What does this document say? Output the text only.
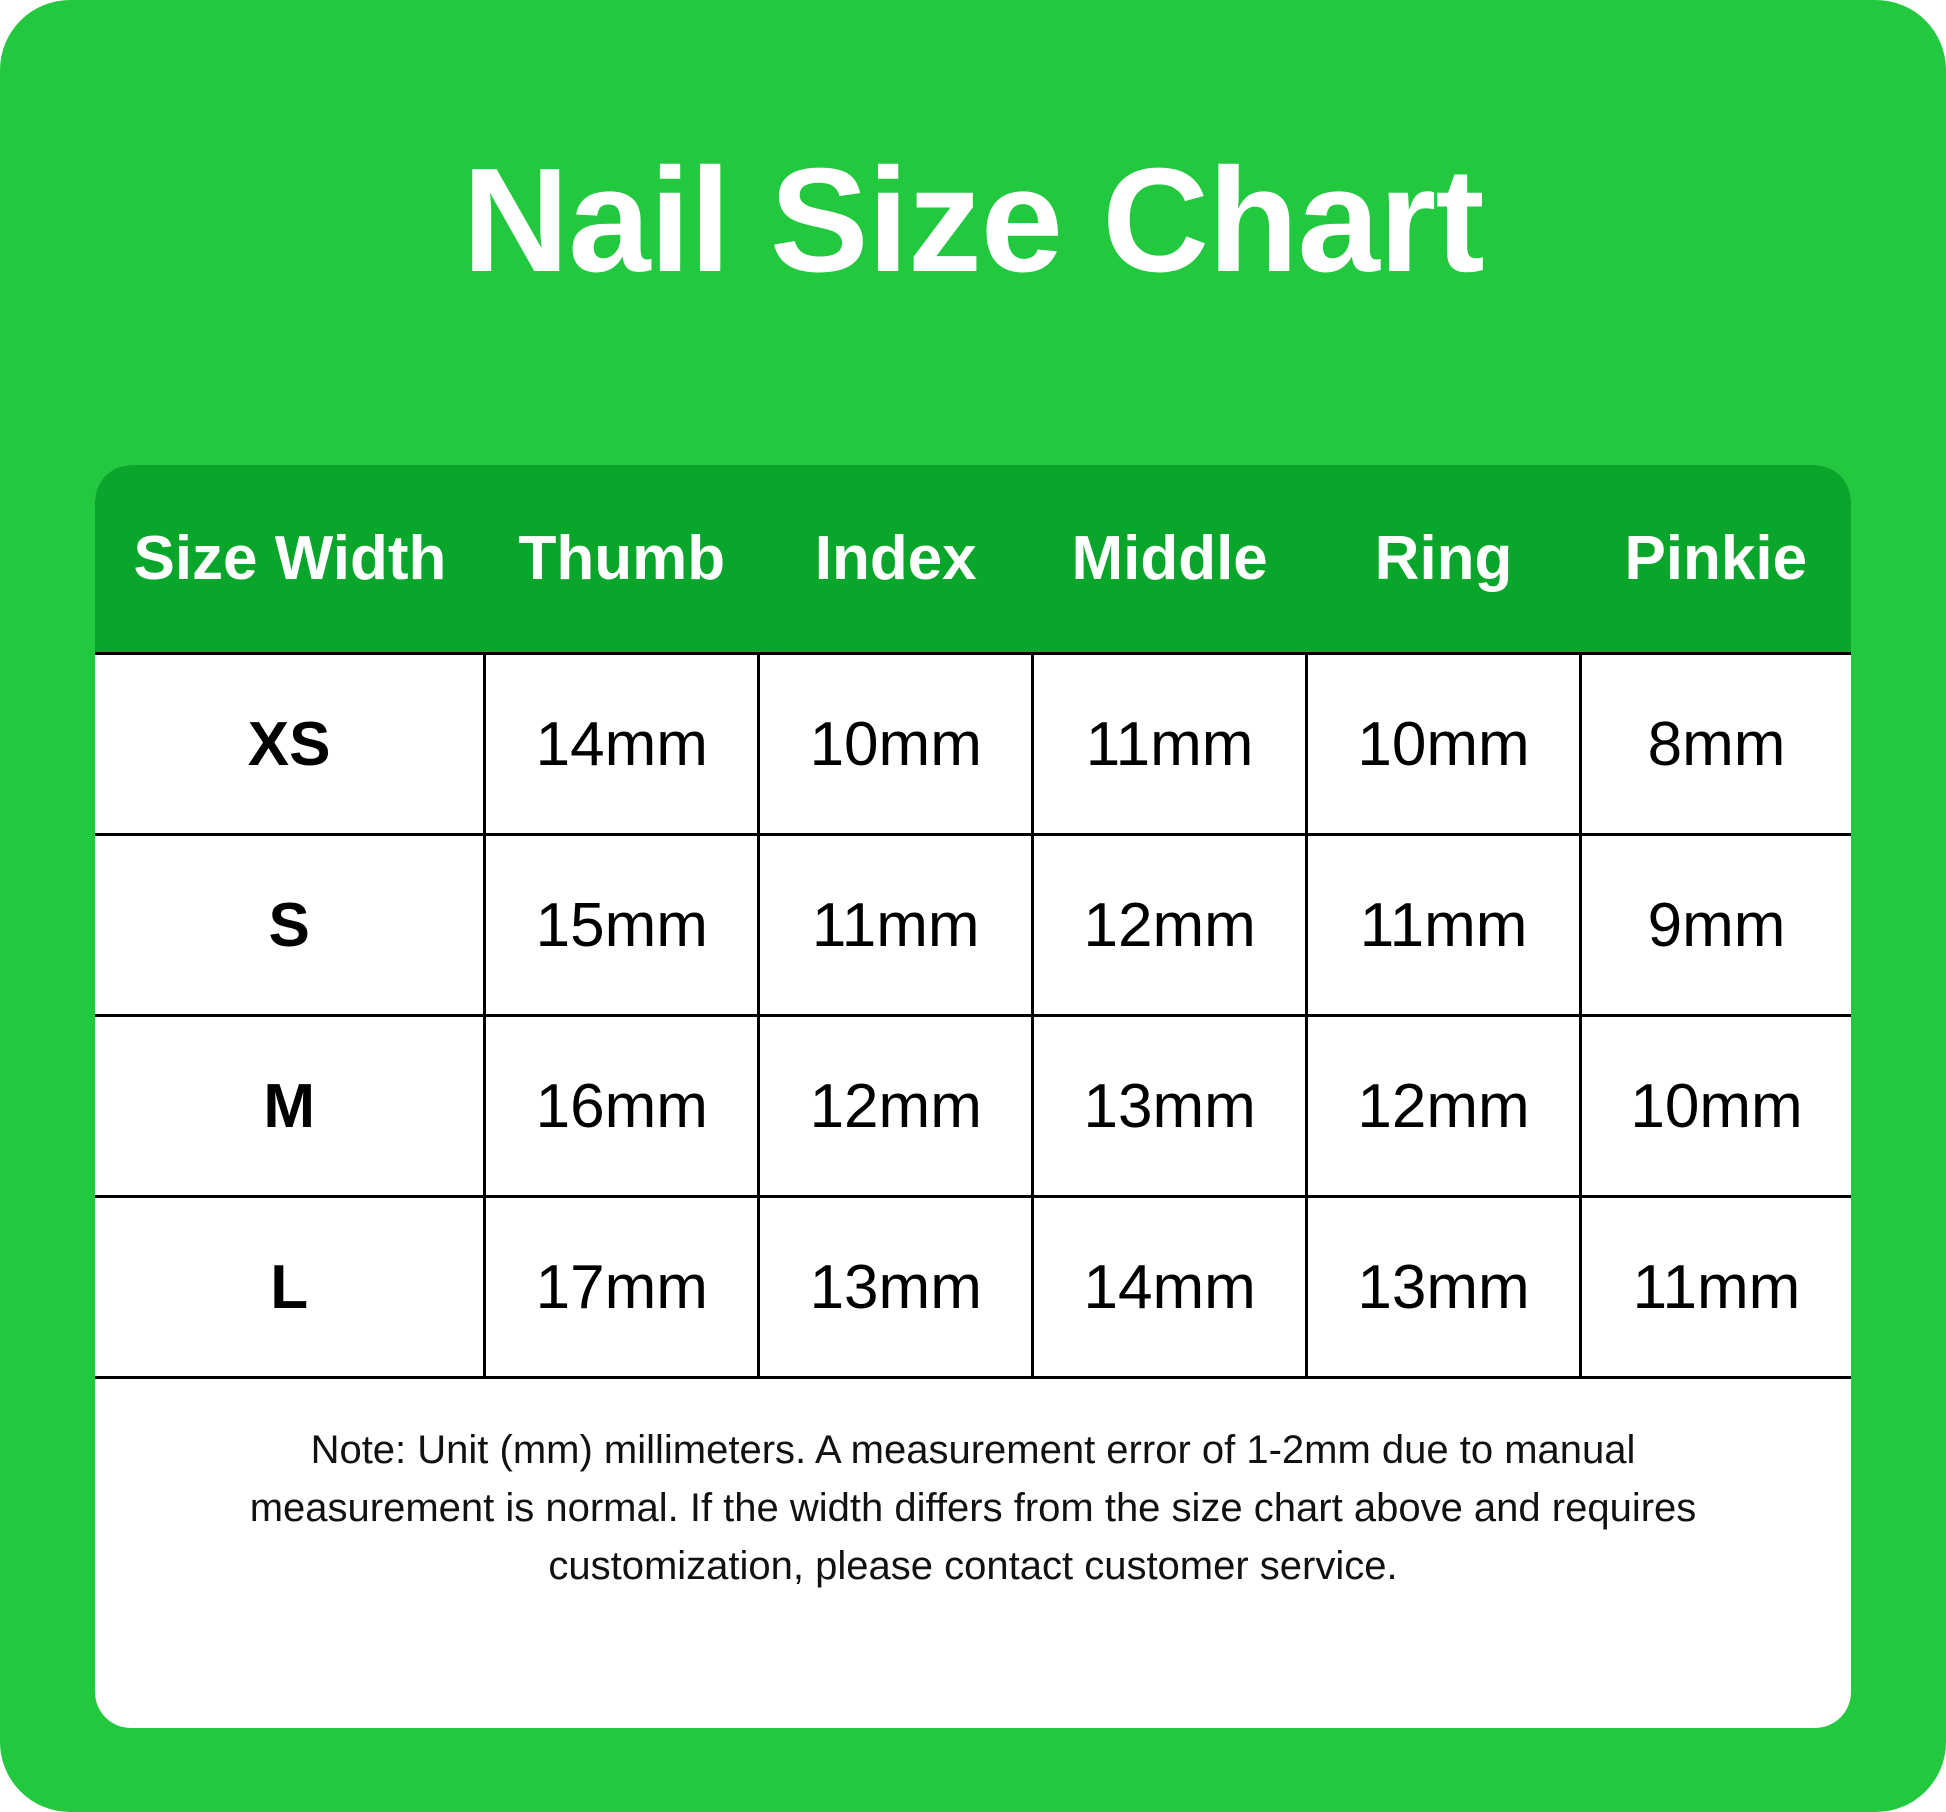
Nail Size Chart
Size Width	Thumb	Index	Middle	Ring	Pinkie
XS	14mm	10mm	11mm	10mm	8mm
S	15mm	11mm	12mm	11mm	9mm
M	16mm	12mm	13mm	12mm	10mm
L	17mm	13mm	14mm	13mm	11mm

Note: Unit (mm) millimeters. A measurement error of 1-2mm due to manual measurement is normal. If the width differs from the size chart above and requires customization, please contact customer service.					
